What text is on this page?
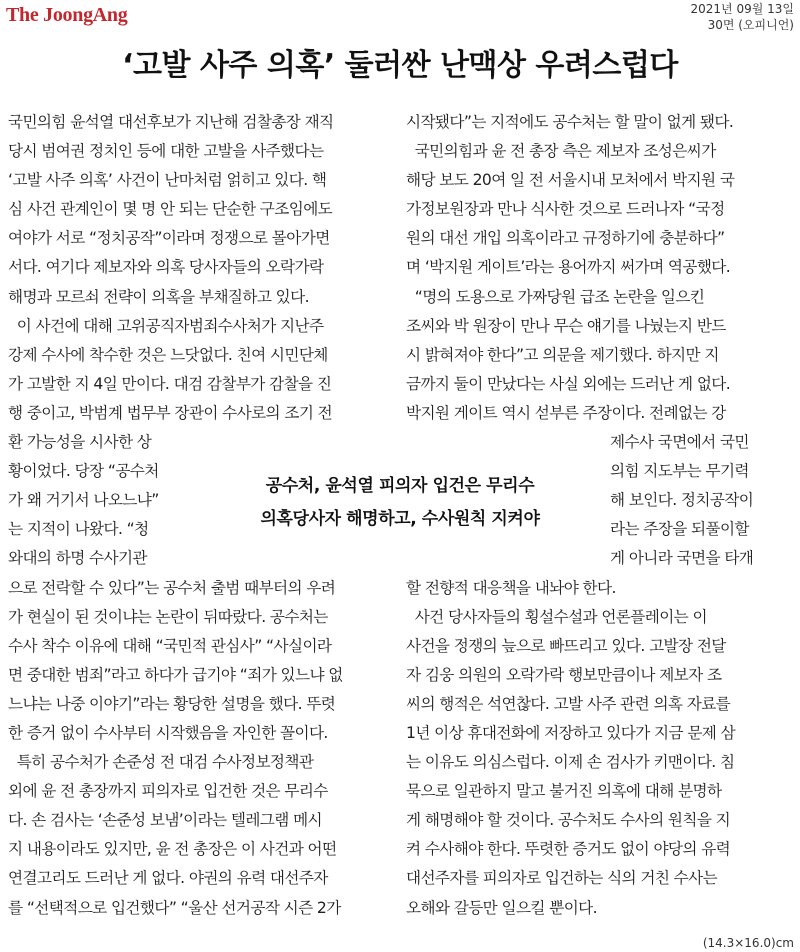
The JoongAng	2021년 09월 13일
30면 (오피니언)
‘고발 사주 의혹’ 둘러싼 난맥상 우려스럽다
국민의힘 윤석열 대선후보가 지난해 검찰총장 재직
당시 범여권 정치인 등에 대한 고발을 사주했다는
‘고발 사주 의혹’ 사건이 난마처럼 얽히고 있다. 핵
심 사건 관계인이 몇 명 안 되는 단순한 구조임에도
여야가 서로 “정치공작”이라며 정쟁으로 몰아가면
서다. 여기다 제보자와 의혹 당사자들의 오락가락
해명과 모르쇠 전략이 의혹을 부채질하고 있다.
이 사건에 대해 고위공직자범죄수사처가 지난주
강제 수사에 착수한 것은 느닷없다. 친여 시민단체
가 고발한 지 4일 만이다. 대검 감찰부가 감찰을 진
행 중이고, 박범계 법무부 장관이 수사로의 조기 전
환 가능성을 시사한 상
황이었다. 당장 “공수처
가 왜 거기서 나오느냐”
는 지적이 나왔다. “청
와대의 하명 수사기관
으로 전락할 수 있다”는 공수처 출범 때부터의 우려
가 현실이 된 것이냐는 논란이 뒤따랐다. 공수처는
수사 착수 이유에 대해 “국민적 관심사” “사실이라
면 중대한 범죄”라고 하다가 급기야 “죄가 있느냐 없
느냐는 나중 이야기”라는 황당한 설명을 했다. 뚜렷
한 증거 없이 수사부터 시작했음을 자인한 꼴이다.
특히 공수처가 손준성 전 대검 수사정보정책관
외에 윤 전 총장까지 피의자로 입건한 것은 무리수
다. 손 검사는 ‘손준성 보냄’이라는 텔레그램 메시
지 내용이라도 있지만, 윤 전 총장은 이 사건과 어떤
연결고리도 드러난 게 없다. 야권의 유력 대선주자
를 “선택적으로 입건했다” “울산 선거공작 시즌 2가
시작됐다”는 지적에도 공수처는 할 말이 없게 됐다.
국민의힘과 윤 전 총장 측은 제보자 조성은씨가
해당 보도 20여 일 전 서울시내 모처에서 박지원 국
가정보원장과 만나 식사한 것으로 드러나자 “국정
원의 대선 개입 의혹이라고 규정하기에 충분하다”
며 ‘박지원 게이트’라는 용어까지 써가며 역공했다.
“명의 도용으로 가짜당원 급조 논란을 일으킨
조씨와 박 원장이 만나 무슨 얘기를 나눴는지 반드
시 밝혀져야 한다”고 의문을 제기했다. 하지만 지
금까지 둘이 만났다는 사실 외에는 드러난 게 없다.
박지원 게이트 역시 섣부른 주장이다. 전례없는 강
제수사 국면에서 국민
의힘 지도부는 무기력
해 보인다. 정치공작이
라는 주장을 되풀이할
게 아니라 국면을 타개
할 전향적 대응책을 내놔야 한다.
사건 당사자들의 횡설수설과 언론플레이는 이
사건을 정쟁의 늪으로 빠뜨리고 있다. 고발장 전달
자 김웅 의원의 오락가락 행보만큼이나 제보자 조
씨의 행적은 석연찮다. 고발 사주 관련 의혹 자료를
1년 이상 휴대전화에 저장하고 있다가 지금 문제 삼
는 이유도 의심스럽다. 이제 손 검사가 키맨이다. 침
묵으로 일관하지 말고 불거진 의혹에 대해 분명하
게 해명해야 할 것이다. 공수처도 수사의 원칙을 지
켜 수사해야 한다. 뚜렷한 증거도 없이 야당의 유력
대선주자를 피의자로 입건하는 식의 거친 수사는
오해와 갈등만 일으킬 뿐이다.
공수처, 윤석열 피의자 입건은 무리수
의혹당사자 해명하고, 수사원칙 지켜야
(14.3×16.0)cm
